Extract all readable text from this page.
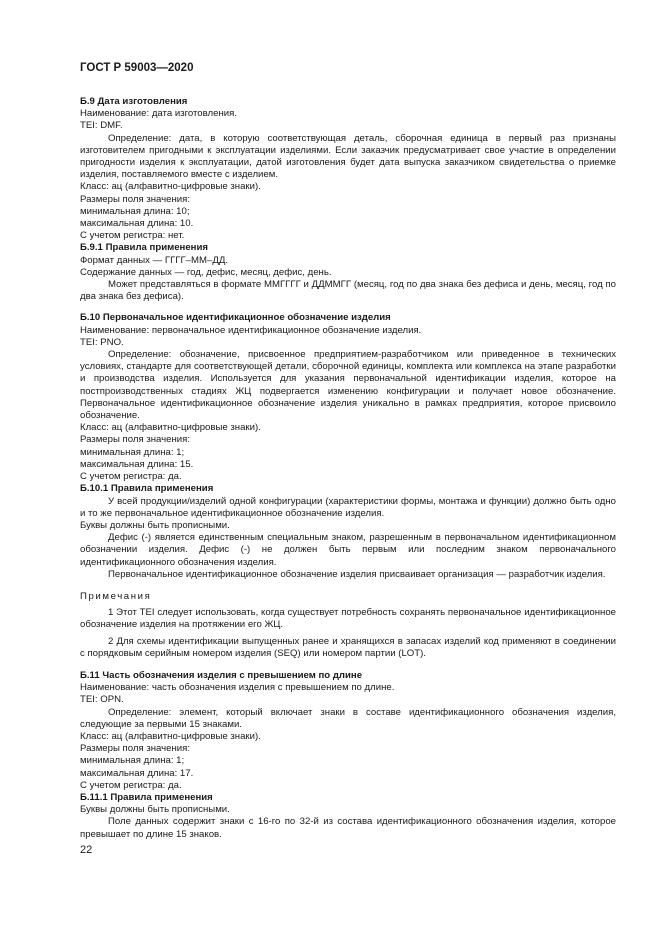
ГОСТ Р 59003—2020

Б.9 Дата изготовления

Наименование: дата изготовления.

TEI: DMF.

Определение: дата, в которую соответствующая деталь, сборочная единица в первый раз признаны изготовителем пригодными к эксплуатации изделиями. Если заказчик предусматривает свое участие в определении пригодности изделия к эксплуатации, датой изготовления будет дата выпуска заказчиком свидетельства о приемке изделия, поставляемого вместе с изделием.

Класс: ац (алфавитно-цифровые знаки).

Размеры поля значения:

минимальная длина: 10;

максимальная длина: 10.

С учетом регистра: нет.

Б.9.1 Правила применения

Формат данных — ГГГГ–ММ–ДД.

Содержание данных — год, дефис, месяц, дефис, день.

Может представляться в формате ММГГГГ и ДДММГГ (месяц, год по два знака без дефиса и день, месяц, год по два знака без дефиса).

Б.10 Первоначальное идентификационное обозначение изделия

Наименование: первоначальное идентификационное обозначение изделия.

TEI: PNO.

Определение: обозначение, присвоенное предприятием-разработчиком или приведенное в технических условиях, стандарте для соответствующей детали, сборочной единицы, комплекта или комплекса на этапе разработки и производства изделия. Используется для указания первоначальной идентификации изделия, которое на постпроизводственных стадиях ЖЦ подвергается изменению конфигурации и получает новое обозначение. Первоначальное идентификационное обозначение изделия уникально в рамках предприятия, которое присвоило обозначение.

Класс: ац (алфавитно-цифровые знаки).

Размеры поля значения:

минимальная длина: 1;

максимальная длина: 15.

С учетом регистра: да.

Б.10.1 Правила применения

У всей продукции/изделий одной конфигурации (характеристики формы, монтажа и функции) должно быть одно и то же первоначальное идентификационное обозначение изделия.

Буквы должны быть прописными.

Дефис (-) является единственным специальным знаком, разрешенным в первоначальном идентификационном обозначении изделия. Дефис (-) не должен быть первым или последним знаком первоначального идентификационного обозначения изделия.

Первоначальное идентификационное обозначение изделия присваивает организация — разработчик изделия.

Примечания

1 Этот TEI следует использовать, когда существует потребность сохранять первоначальное идентификационное обозначение изделия на протяжении его ЖЦ.

2 Для схемы идентификации выпущенных ранее и хранящихся в запасах изделий код применяют в соединении с порядковым серийным номером изделия (SEQ) или номером партии (LOT).

Б.11 Часть обозначения изделия с превышением по длине

Наименование: часть обозначения изделия с превышением по длине.

TEI: OPN.

Определение: элемент, который включает знаки в составе идентификационного обозначения изделия, следующие за первыми 15 знаками.

Класс: ац (алфавитно-цифровые знаки).

Размеры поля значения:

минимальная длина: 1;

максимальная длина: 17.

С учетом регистра: да.

Б.11.1 Правила применения

Буквы должны быть прописными.

Поле данных содержит знаки с 16-го по 32-й из состава идентификационного обозначения изделия, которое превышает по длине 15 знаков.

22
